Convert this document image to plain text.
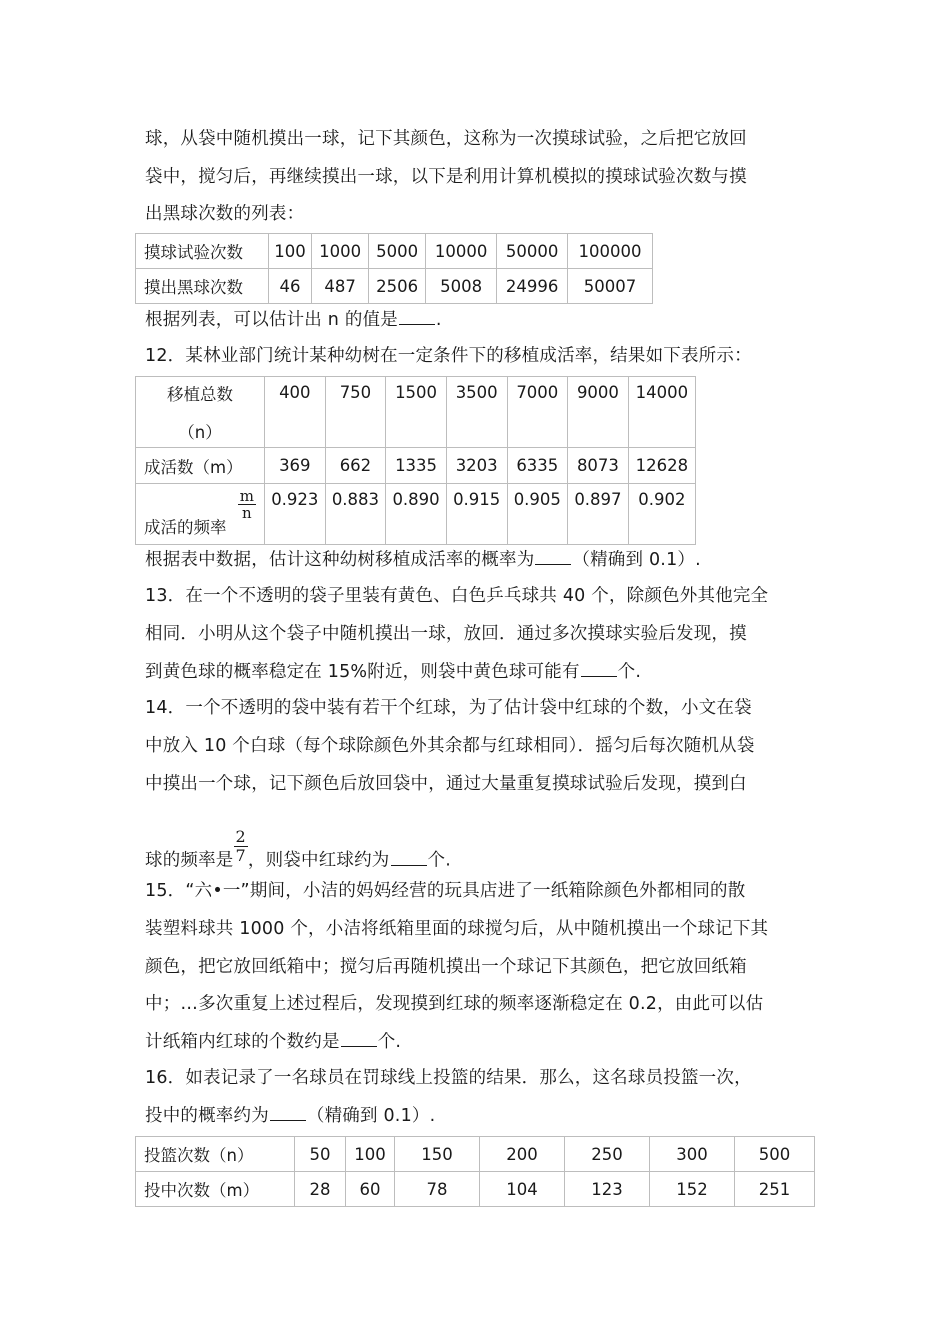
球，从袋中随机摸出一球，记下其颜色，这称为一次摸球试验，之后把它放回
袋中，搅匀后，再继续摸出一球，以下是利用计算机模拟的摸球试验次数与摸
出黑球次数的列表：
摸球试验次数	100	1000	5000	10000	50000	100000
摸出黑球次数	46	487	2506	5008	24996	50007
根据列表，可以估计出 n 的值是 .
12．某林业部门统计某种幼树在一定条件下的移植成活率，结果如下表所示：
移植总数
（n）	400	750	1500	3500	7000	9000	14000
成活数（m）	369	662	1335	3203	6335	8073	12628
成活的频率
$\frac{m}{n}$	0.923	0.883	0.890	0.915	0.905	0.897	0.902
根据表中数据，估计这种幼树移植成活率的概率为 （精确到 0.1）.
13．在一个不透明的袋子里装有黄色、白色乒乓球共 40 个，除颜色外其他完全
相同．小明从这个袋子中随机摸出一球，放回．通过多次摸球实验后发现，摸
到黄色球的概率稳定在 15%附近，则袋中黄色球可能有 个.
14．一个不透明的袋中装有若干个红球，为了估计袋中红球的个数，小文在袋
中放入 10 个白球（每个球除颜色外其余都与红球相同）．摇匀后每次随机从袋
中摸出一个球，记下颜色后放回袋中，通过大量重复摸球试验后发现，摸到白
球的频率是 $\frac{2}{7}$ ，则袋中红球约为 个.
15．“六•一”期间，小洁的妈妈经营的玩具店进了一纸箱除颜色外都相同的散
装塑料球共 1000 个，小洁将纸箱里面的球搅匀后，从中随机摸出一个球记下其
颜色，把它放回纸箱中；搅匀后再随机摸出一个球记下其颜色，把它放回纸箱
中；…多次重复上述过程后，发现摸到红球的频率逐渐稳定在 0.2，由此可以估
计纸箱内红球的个数约是 个.
16．如表记录了一名球员在罚球线上投篮的结果．那么，这名球员投篮一次，
投中的概率约为 （精确到 0.1）.
投篮次数（n）	50	100	150	200	250	300	500
投中次数（m）	28	60	78	104	123	152	251
